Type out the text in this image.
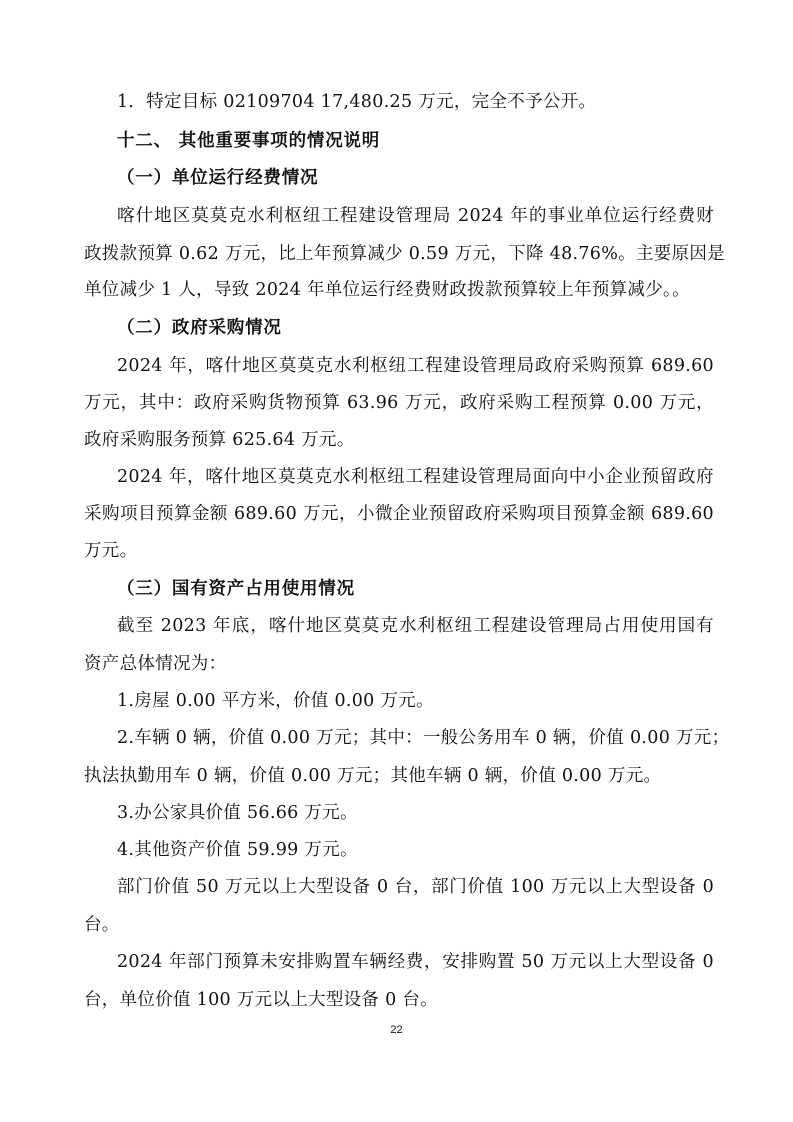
1．特定目标 02109704 17,480.25 万元，完全不予公开。
十二、 其他重要事项的情况说明
（一）单位运行经费情况
喀什地区莫莫克水利枢纽工程建设管理局 2024 年的事业单位运行经费财
政拨款预算 0.62 万元，比上年预算减少 0.59 万元，下降 48.76%。主要原因是
单位减少 1 人，导致 2024 年单位运行经费财政拨款预算较上年预算减少。。
（二）政府采购情况
2024 年，喀什地区莫莫克水利枢纽工程建设管理局政府采购预算 689.60
万元，其中：政府采购货物预算 63.96 万元，政府采购工程预算 0.00 万元，
政府采购服务预算 625.64 万元。
2024 年，喀什地区莫莫克水利枢纽工程建设管理局面向中小企业预留政府
采购项目预算金额 689.60 万元，小微企业预留政府采购项目预算金额 689.60
万元。
（三）国有资产占用使用情况
截至 2023 年底，喀什地区莫莫克水利枢纽工程建设管理局占用使用国有
资产总体情况为：
1.房屋 0.00 平方米，价值 0.00 万元。
2.车辆 0 辆，价值 0.00 万元；其中：一般公务用车 0 辆，价值 0.00 万元；
执法执勤用车 0 辆，价值 0.00 万元；其他车辆 0 辆，价值 0.00 万元。
3.办公家具价值 56.66 万元。
4.其他资产价值 59.99 万元。
部门价值 50 万元以上大型设备 0 台，部门价值 100 万元以上大型设备 0
台。
2024 年部门预算未安排购置车辆经费，安排购置 50 万元以上大型设备 0
台，单位价值 100 万元以上大型设备 0 台。
22
